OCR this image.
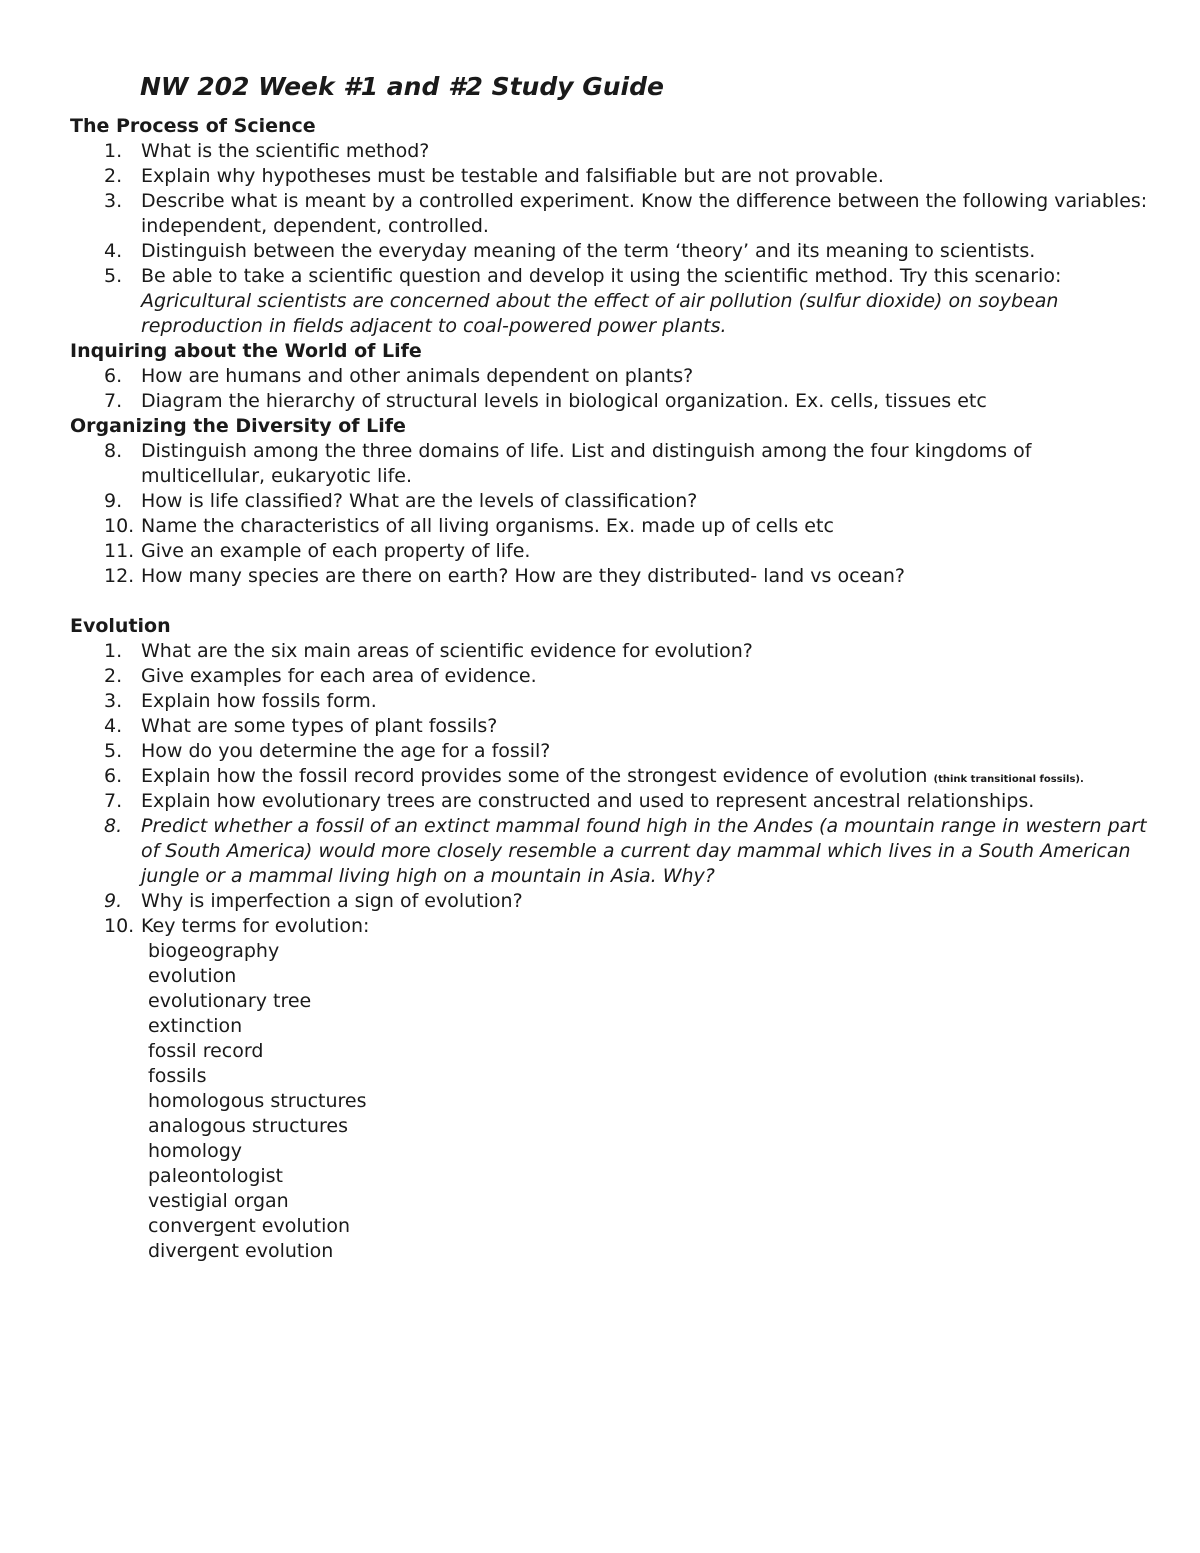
NW 202 Week #1 and #2 Study Guide
The Process of Science
1. What is the scientific method?
2. Explain why hypotheses must be testable and falsifiable but are not provable.
3. Describe what is meant by a controlled experiment. Know the difference between the following variables: independent, dependent, controlled.
4. Distinguish between the everyday meaning of the term ‘theory’ and its meaning to scientists.
5. Be able to take a scientific question and develop it using the scientific method. Try this scenario:
Agricultural scientists are concerned about the effect of air pollution (sulfur dioxide) on soybean reproduction in fields adjacent to coal-powered power plants.
Inquiring about the World of Life
6. How are humans and other animals dependent on plants?
7. Diagram the hierarchy of structural levels in biological organization. Ex. cells, tissues etc
Organizing the Diversity of Life
8. Distinguish among the three domains of life. List and distinguish among the four kingdoms of multicellular, eukaryotic life.
9. How is life classified? What are the levels of classification?
10. Name the characteristics of all living organisms. Ex. made up of cells etc
11. Give an example of each property of life.
12. How many species are there on earth? How are they distributed- land vs ocean?
Evolution
1. What are the six main areas of scientific evidence for evolution?
2. Give examples for each area of evidence.
3. Explain how fossils form.
4. What are some types of plant fossils?
5. How do you determine the age for a fossil?
6. Explain how the fossil record provides some of the strongest evidence of evolution (think transitional fossils).
7. Explain how evolutionary trees are constructed and used to represent ancestral relationships.
8. Predict whether a fossil of an extinct mammal found high in the Andes (a mountain range in western part of South America) would more closely resemble a current day mammal which lives in a South American jungle or a mammal living high on a mountain in Asia. Why?
9. Why is imperfection a sign of evolution?
10. Key terms for evolution:
biogeography
evolution
evolutionary tree
extinction
fossil record
fossils
homologous structures
analogous structures
homology
paleontologist
vestigial organ
convergent evolution
divergent evolution
